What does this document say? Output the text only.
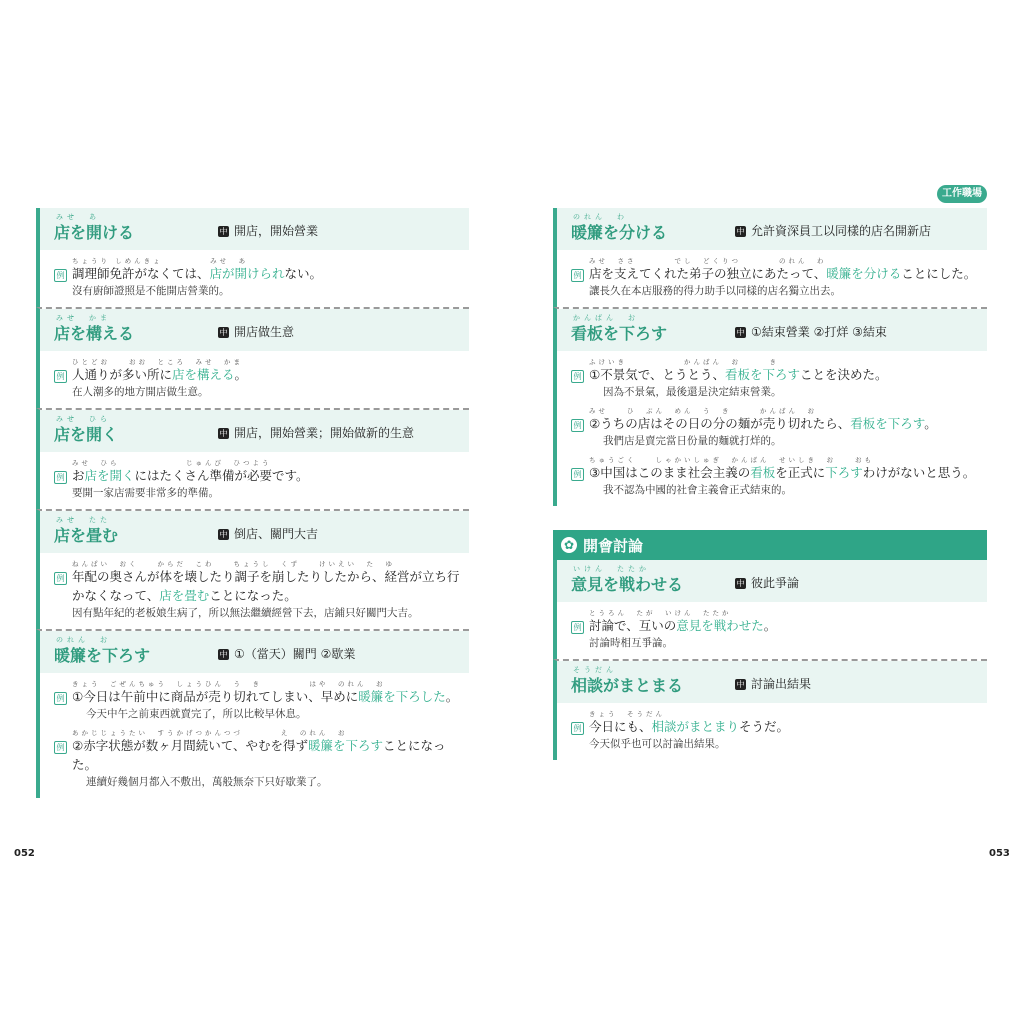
工作職場
みせ　あ
店を開ける	中 開店，開始營業
例
ちょうり しめんきょ　　　　　みせ　あ
調理師免許がなくては、店が開けられない。
沒有廚師證照是不能開店營業的。
みせ　かま
店を構える	中 開店做生意
例
ひとどお　　おお　ところ　みせ　かま
人通りが多い所に店を構える。
在人潮多的地方開店做生意。
みせ　ひら
店を開く	中 開店，開始營業；開始做新的生意
例
みせ　ひら　　　　　　　じゅんび　ひつよう
お店を開くにはたくさん準備が必要です。
要開一家店需要非常多的準備。
みせ　たた
店を畳む	中 倒店、關門大吉
例
ねんぱい　おく　　からだ　こわ　　ちょうし　くず　　けいえい　た　ゆ
年配の奥さんが体を壊したり調子を崩したりしたから、経営が立ち行かなくなって、店を畳むことになった。
因有點年紀的老板娘生病了，所以無法繼續經營下去，店鋪只好關門大吉。
のれん　お
暖簾を下ろす	中 ①（當天）關門 ②歇業
例
きょう　ごぜんちゅう　しょうひん　う　き　　　　　はや　のれん　お
①今日は午前中に商品が売り切れてしまい、早めに暖簾を下ろした。
今天中午之前東西就賣完了，所以比較早休息。
例
あかじじょうたい　すうかげつかんつづ　　　　え　のれん　お
②赤字状態が数ヶ月間続いて、やむを得ず暖簾を下ろすことになった。
連續好幾個月都入不敷出，萬般無奈下只好歇業了。
のれん　わ
暖簾を分ける	中 允許資深員工以同樣的店名開新店
例
みせ　ささ　　　　でし　どくりつ　　　　のれん　わ
店を支えてくれた弟子の独立にあたって、暖簾を分けることにした。
讓長久在本店服務的得力助手以同樣的店名獨立出去。
かんばん　お
看板を下ろす	中 ①結束營業 ②打烊 ③結束
例
ふけいき　　　　　　かんばん　お　　　き
①不景気で、とうとう、看板を下ろすことを決めた。
因為不景氣，最後還是決定結束營業。
例
みせ　　ひ　ぶん　めん　う　き　　　かんばん　お
②うちの店はその日の分の麺が売り切れたら、看板を下ろす。
我們店是賣完當日份量的麵就打烊的。
例
ちゅうごく　　しゃかいしゅぎ　かんばん　せいしき　お　　おも
③中国はこのまま社会主義の看板を正式に下ろすわけがないと思う。
我不認為中國的社會主義會正式結束的。
✿ 開會討論
いけん　たたか
意見を戦わせる	中 彼此爭論
例
とうろん　たが　いけん　たたか
討論で、互いの意見を戦わせた。
討論時相互爭論。
そうだん
相談がまとまる	中 討論出結果
例
きょう　そうだん
今日にも、相談がまとまりそうだ。
今天似乎也可以討論出結果。
052	053
